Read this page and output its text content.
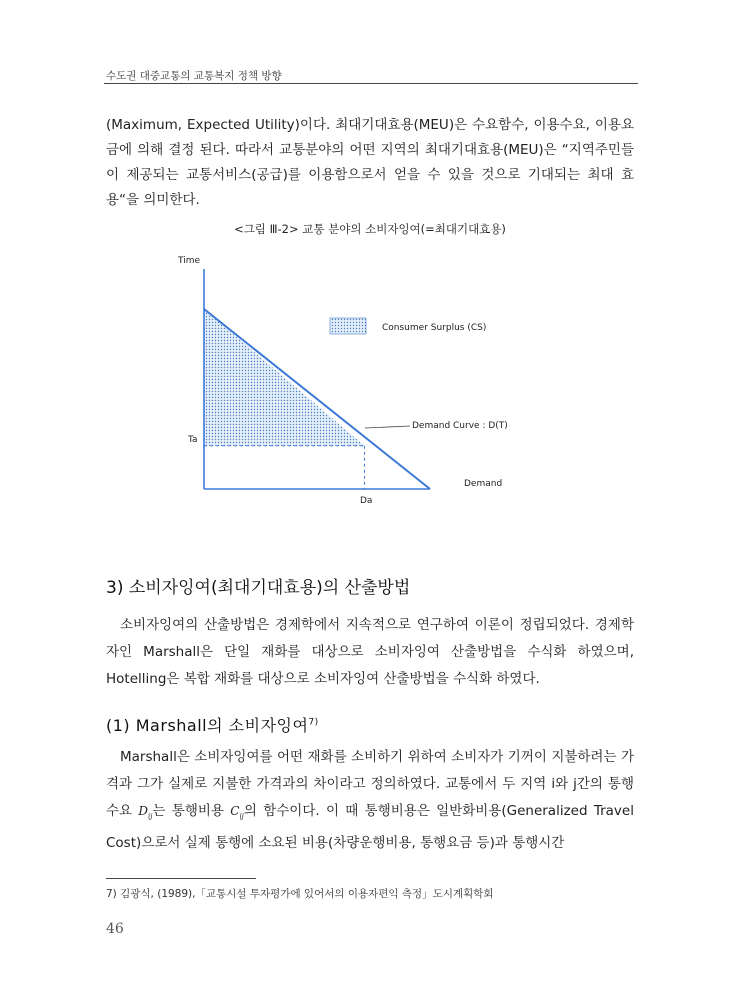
수도권 대중교통의 교통복지 정책 방향

(Maximum, Expected Utility)이다. 최대기대효용(MEU)은 수요함수, 이용수요, 이용요금에 의해 결정 된다. 따라서 교통분야의 어떤 지역의 최대기대효용(MEU)은 “지역주민들이 제공되는 교통서비스(공급)를 이용함으로서 얻을 수 있을 것으로 기대되는 최대 효용“을 의미한다.

<그림 Ⅲ-2> 교통 분야의 소비자잉여(=최대기대효용)
Consumer Surplus (CS)
Demand Curve : D(T)
Time
Demand
Ta
Da
3) 소비자잉여(최대기대효용)의 산출방법

소비자잉여의 산출방법은 경제학에서 지속적으로 연구하여 이론이 정립되었다. 경제학자인 Marshall은 단일 재화를 대상으로 소비자잉여 산출방법을 수식화 하였으며, Hotelling은 복합 재화를 대상으로 소비자잉여 산출방법을 수식화 하였다.

(1) Marshall의 소비자잉여$^{7)}$

Marshall은 소비자잉여를 어떤 재화를 소비하기 위하여 소비자가 기꺼이 지불하려는 가격과 그가 실제로 지불한 가격과의 차이라고 정의하였다. 교통에서 두 지역 i와 j간의 통행수요 $D_{ij}$는 통행비용 $C_{ij}$의 함수이다. 이 때 통행비용은 일반화비용(Generalized Travel Cost)으로서 실제 통행에 소요된 비용(차량운행비용, 통행요금 등)과 통행시간

7) 김광식, (1989),「교통시설 투자평가에 있어서의 이용자편익 측정」도시계획학회
46
